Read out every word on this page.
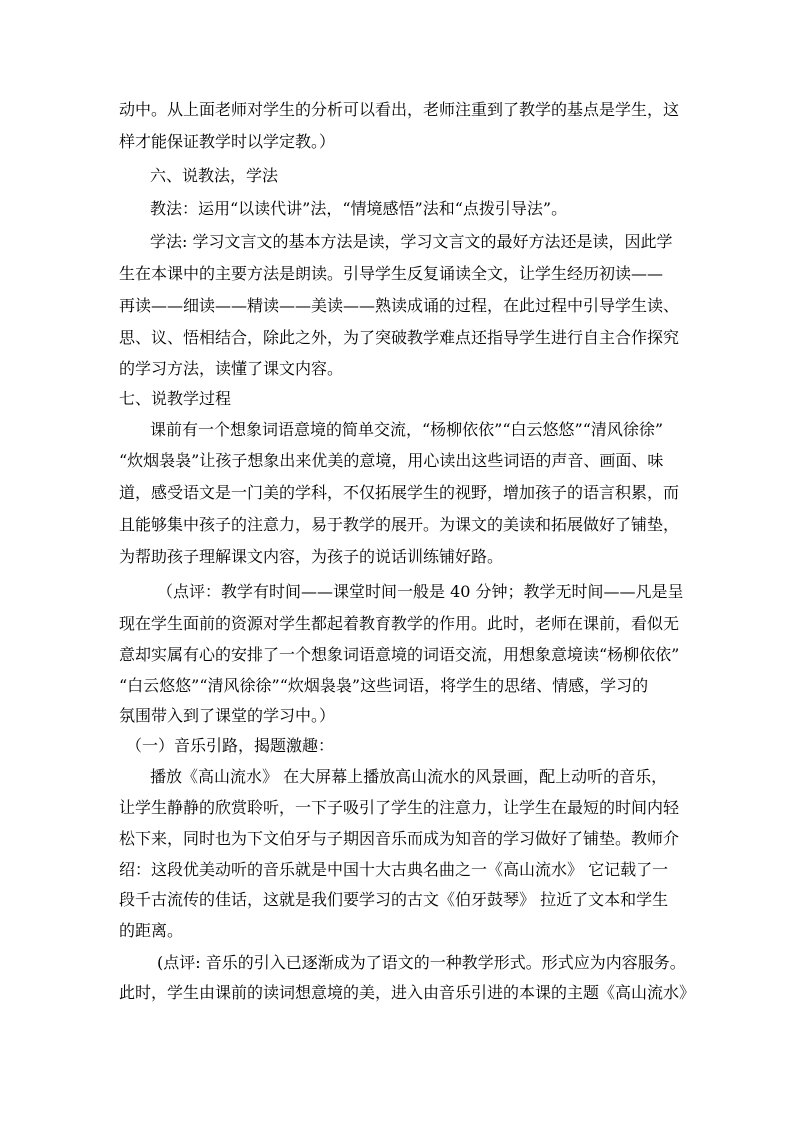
动中。从上面老师对学生的分析可以看出，老师注重到了教学的基点是学生，这
样才能保证教学时以学定教。）
六、说教法，学法
教法：运用“以读代讲”法，“情境感悟”法和“点拨引导法”。
学法: 学习文言文的基本方法是读，学习文言文的最好方法还是读，因此学
生在本课中的主要方法是朗读。引导学生反复诵读全文，让学生经历初读——
再读——细读——精读——美读——熟读成诵的过程，在此过程中引导学生读、
思、议、悟相结合，除此之外，为了突破教学难点还指导学生进行自主合作探究
的学习方法，读懂了课文内容。
七、说教学过程
课前有一个想象词语意境的简单交流，“杨柳依依”“白云悠悠”“清风徐徐”
“炊烟袅袅”让孩子想象出来优美的意境，用心读出这些词语的声音、画面、味
道，感受语文是一门美的学科，不仅拓展学生的视野，增加孩子的语言积累，而
且能够集中孩子的注意力，易于教学的展开。为课文的美读和拓展做好了铺垫，
为帮助孩子理解课文内容，为孩子的说话训练铺好路。
（点评：教学有时间——课堂时间一般是 40 分钟；教学无时间——凡是呈
现在学生面前的资源对学生都起着教育教学的作用。此时，老师在课前，看似无
意却实属有心的安排了一个想象词语意境的词语交流，用想象意境读“杨柳依依”
“白云悠悠”“清风徐徐”“炊烟袅袅”这些词语，将学生的思绪、情感，学习的
氛围带入到了课堂的学习中。）
（一）音乐引路，揭题激趣：
播放《高山流水》 在大屏幕上播放高山流水的风景画，配上动听的音乐，
让学生静静的欣赏聆听，一下子吸引了学生的注意力，让学生在最短的时间内轻
松下来，同时也为下文伯牙与子期因音乐而成为知音的学习做好了铺垫。教师介
绍：这段优美动听的音乐就是中国十大古典名曲之一《高山流水》 它记载了一
段千古流传的佳话，这就是我们要学习的古文《伯牙鼓琴》 拉近了文本和学生
的距离。
(点评: 音乐的引入已逐渐成为了语文的一种教学形式。形式应为内容服务。
此时，学生由课前的读词想意境的美，进入由音乐引进的本课的主题《高山流水》
